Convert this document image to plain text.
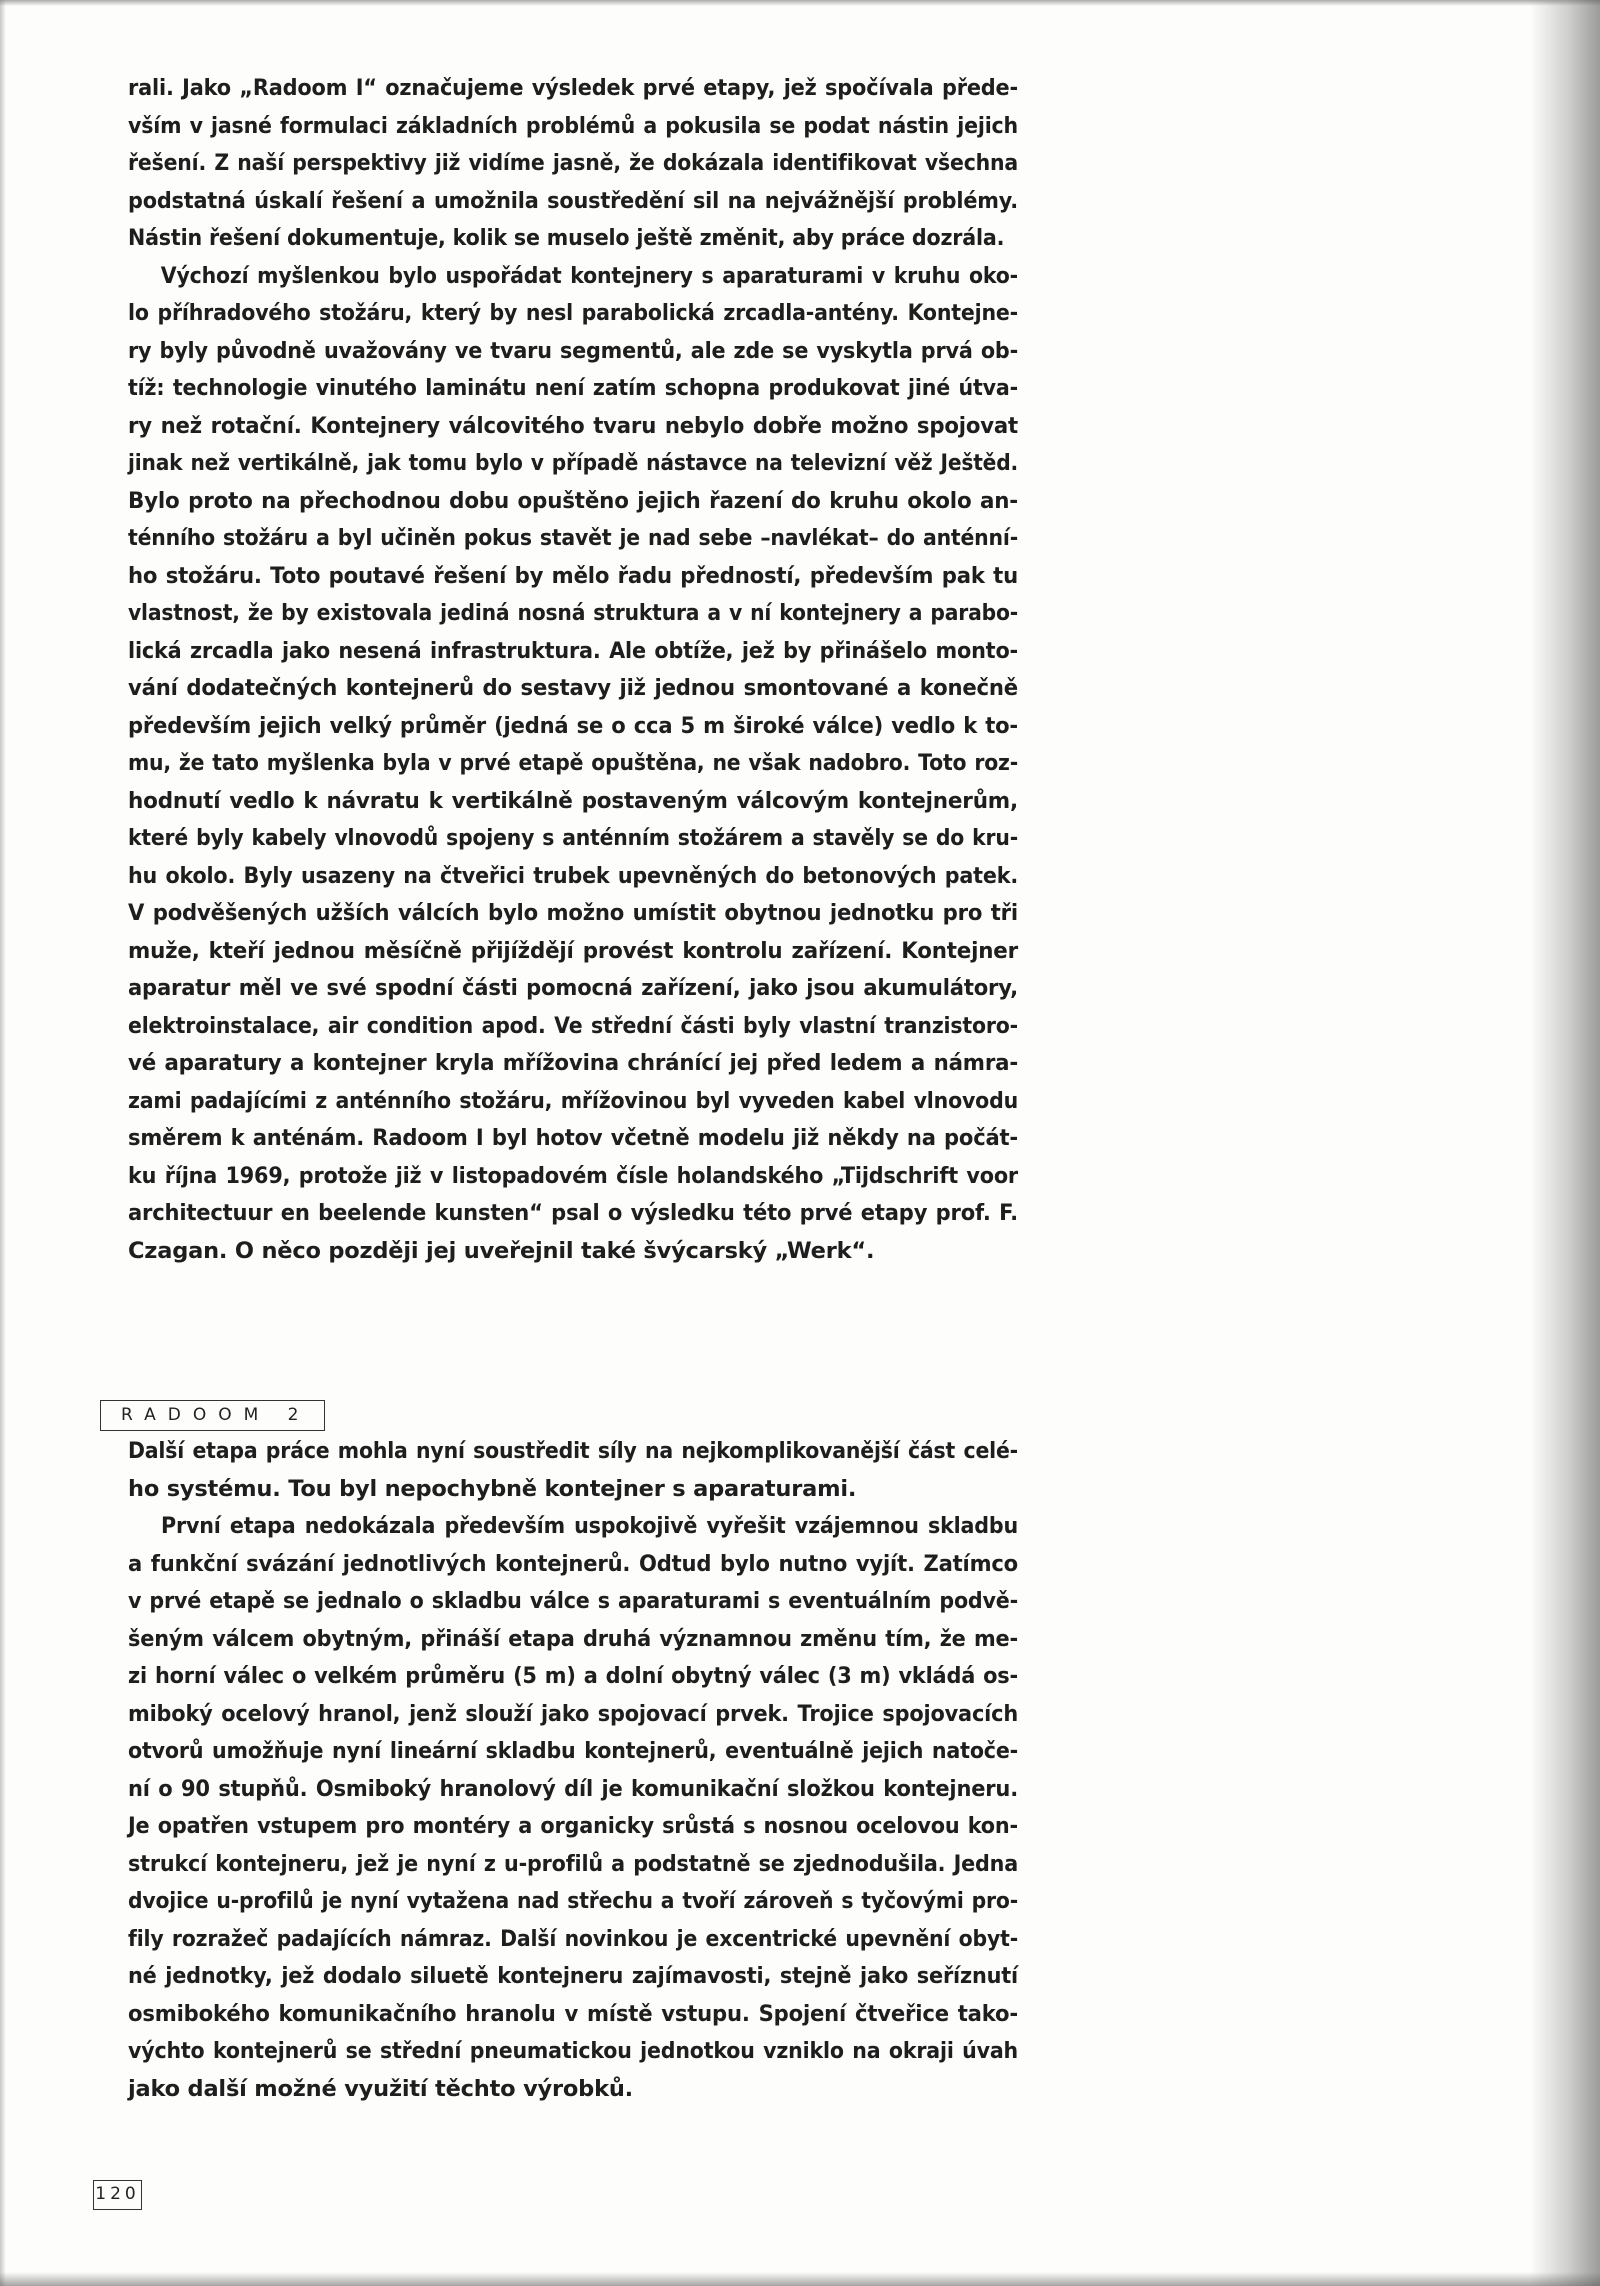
rali. Jako „Radoom I“ označujeme výsledek prvé etapy, jež spočívala přede-
vším v jasné formulaci základních problémů a pokusila se podat nástin jejich
řešení. Z naší perspektivy již vidíme jasně, že dokázala identifikovat všechna
podstatná úskalí řešení a umožnila soustředění sil na nejvážnější problémy.
Nástin řešení dokumentuje, kolik se muselo ještě změnit, aby práce dozrála.
Výchozí myšlenkou bylo uspořádat kontejnery s aparaturami v kruhu oko-
lo příhradového stožáru, který by nesl parabolická zrcadla-antény. Kontejne-
ry byly původně uvažovány ve tvaru segmentů, ale zde se vyskytla prvá ob-
tíž: technologie vinutého laminátu není zatím schopna produkovat jiné útva-
ry než rotační. Kontejnery válcovitého tvaru nebylo dobře možno spojovat
jinak než vertikálně, jak tomu bylo v případě nástavce na televizní věž Ještěd.
Bylo proto na přechodnou dobu opuštěno jejich řazení do kruhu okolo an-
ténního stožáru a byl učiněn pokus stavět je nad sebe –navlékat– do anténní-
ho stožáru. Toto poutavé řešení by mělo řadu předností, především pak tu
vlastnost, že by existovala jediná nosná struktura a v ní kontejnery a parabo-
lická zrcadla jako nesená infrastruktura. Ale obtíže, jež by přinášelo monto-
vání dodatečných kontejnerů do sestavy již jednou smontované a konečně
především jejich velký průměr (jedná se o cca 5 m široké válce) vedlo k to-
mu, že tato myšlenka byla v prvé etapě opuštěna, ne však nadobro. Toto roz-
hodnutí vedlo k návratu k vertikálně postaveným válcovým kontejnerům,
které byly kabely vlnovodů spojeny s anténním stožárem a stavěly se do kru-
hu okolo. Byly usazeny na čtveřici trubek upevněných do betonových patek.
V podvěšených užších válcích bylo možno umístit obytnou jednotku pro tři
muže, kteří jednou měsíčně přijíždějí provést kontrolu zařízení. Kontejner
aparatur měl ve své spodní části pomocná zařízení, jako jsou akumulátory,
elektroinstalace, air condition apod. Ve střední části byly vlastní tranzistoro-
vé aparatury a kontejner kryla mřížovina chránící jej před ledem a námra-
zami padajícími z anténního stožáru, mřížovinou byl vyveden kabel vlnovodu
směrem k anténám. Radoom I byl hotov včetně modelu již někdy na počát-
ku října 1969, protože již v listopadovém čísle holandského „Tijdschrift voor
architectuur en beelende kunsten“ psal o výsledku této prvé etapy prof. F.
Czagan. O něco později jej uveřejnil také švýcarský „Werk“.
RADOOM 2
Další etapa práce mohla nyní soustředit síly na nejkomplikovanější část celé-
ho systému. Tou byl nepochybně kontejner s aparaturami.
První etapa nedokázala především uspokojivě vyřešit vzájemnou skladbu
a funkční svázání jednotlivých kontejnerů. Odtud bylo nutno vyjít. Zatímco
v prvé etapě se jednalo o skladbu válce s aparaturami s eventuálním podvě-
šeným válcem obytným, přináší etapa druhá významnou změnu tím, že me-
zi horní válec o velkém průměru (5 m) a dolní obytný válec (3 m) vkládá os-
miboký ocelový hranol, jenž slouží jako spojovací prvek. Trojice spojovacích
otvorů umožňuje nyní lineární skladbu kontejnerů, eventuálně jejich natoče-
ní o 90 stupňů. Osmiboký hranolový díl je komunikační složkou kontejneru.
Je opatřen vstupem pro montéry a organicky srůstá s nosnou ocelovou kon-
strukcí kontejneru, jež je nyní z u-profilů a podstatně se zjednodušila. Jedna
dvojice u-profilů je nyní vytažena nad střechu a tvoří zároveň s tyčovými pro-
fily rozražeč padajících námraz. Další novinkou je excentrické upevnění obyt-
né jednotky, jež dodalo siluetě kontejneru zajímavosti, stejně jako seříznutí
osmibokého komunikačního hranolu v místě vstupu. Spojení čtveřice tako-
výchto kontejnerů se střední pneumatickou jednotkou vzniklo na okraji úvah
jako další možné využití těchto výrobků.
120
